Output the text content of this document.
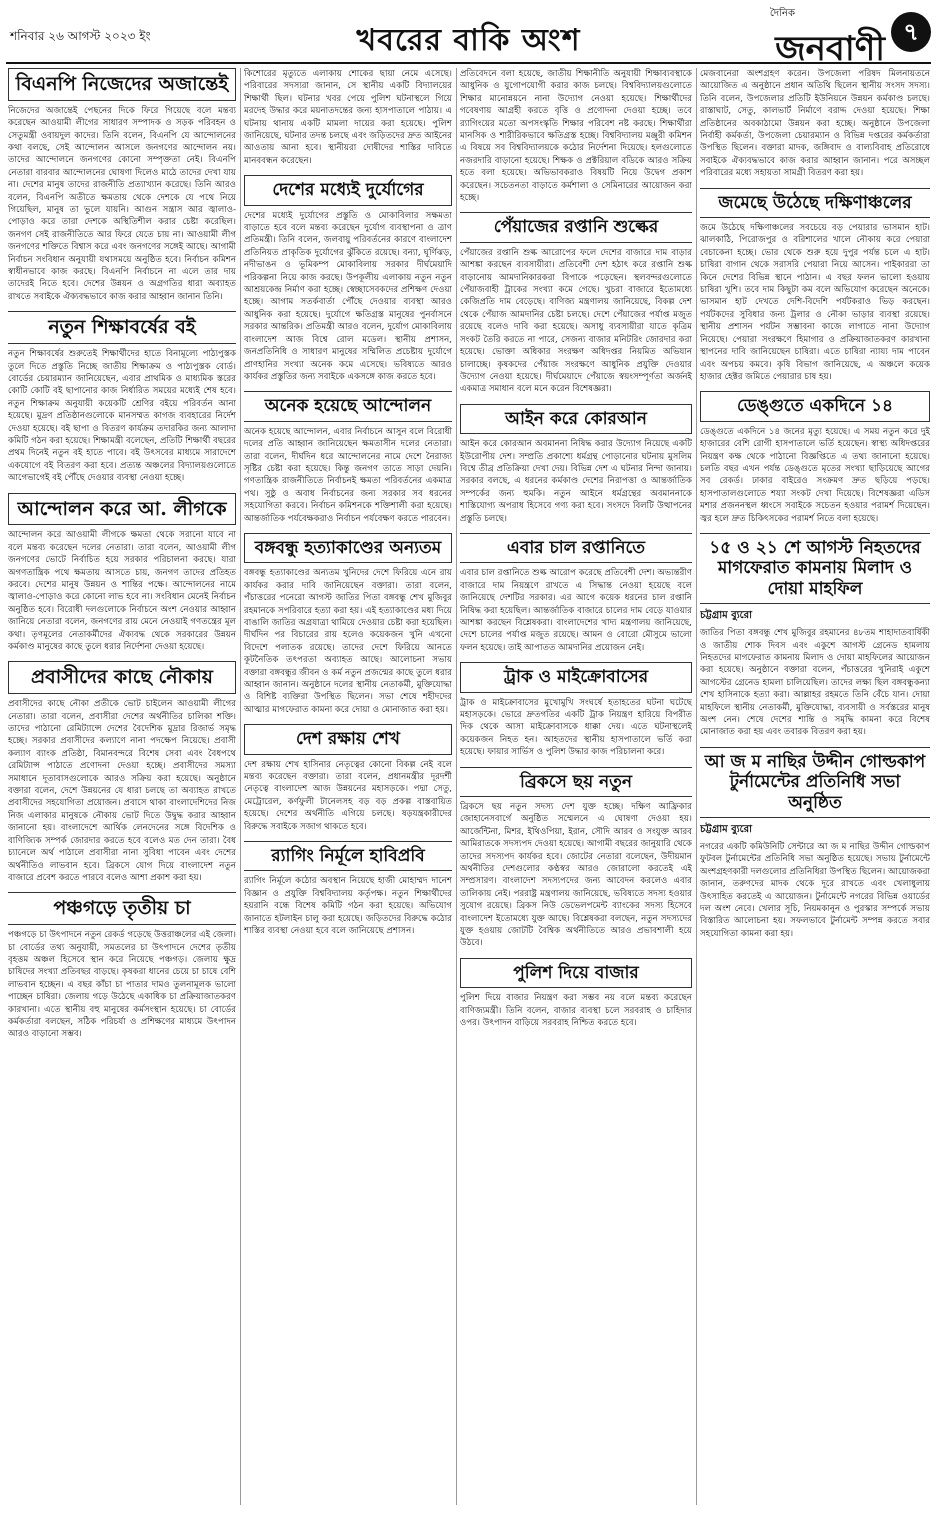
শনিবার ২৬ আগস্ট ২০২৩ ইং	খবরের বাকি অংশ
দৈনিক
জনবাণী ৭
বিএনপি নিজেদের অজান্তেই
নিজেদের অজান্তেই পেছনের দিকে ফিরে গিয়েছে বলে মন্তব্য করেছেন আওয়ামী লীগের সাধারণ সম্পাদক ও সড়ক পরিবহন ও সেতুমন্ত্রী ওবায়দুল কাদের। তিনি বলেন, বিএনপি যে আন্দোলনের কথা বলছে, সেই আন্দোলন আসলে জনগণের আন্দোলন নয়। তাদের আন্দোলনে জনগণের কোনো সম্পৃক্ততা নেই। বিএনপি নেতারা বারবার আন্দোলনের ঘোষণা দিলেও মাঠে তাদের দেখা যায় না। দেশের মানুষ তাদের রাজনীতি প্রত্যাখ্যান করেছে। তিনি আরও বলেন, বিএনপি অতীতে ক্ষমতায় থেকে দেশকে যে পথে নিয়ে গিয়েছিল, মানুষ তা ভুলে যায়নি। আগুন সন্ত্রাস আর জ্বালাও-পোড়াও করে তারা দেশকে অস্থিতিশীল করার চেষ্টা করেছিল। জনগণ সেই রাজনীতিতে আর ফিরে যেতে চায় না। আওয়ামী লীগ জনগণের শক্তিতে বিশ্বাস করে এবং জনগণের সঙ্গেই আছে। আগামী নির্বাচন সংবিধান অনুযায়ী যথাসময়ে অনুষ্ঠিত হবে। নির্বাচন কমিশন স্বাধীনভাবে কাজ করছে। বিএনপি নির্বাচনে না এলে তার দায় তাদেরই নিতে হবে। দেশের উন্নয়ন ও অগ্রগতির ধারা অব্যাহত রাখতে সবাইকে ঐক্যবদ্ধভাবে কাজ করার আহ্বান জানান তিনি।
নতুন শিক্ষাবর্ষের বই
নতুন শিক্ষাবর্ষের শুরুতেই শিক্ষার্থীদের হাতে বিনামূল্যে পাঠ্যপুস্তক তুলে দিতে প্রস্তুতি নিচ্ছে জাতীয় শিক্ষাক্রম ও পাঠ্যপুস্তক বোর্ড। বোর্ডের চেয়ারম্যান জানিয়েছেন, এবার প্রাথমিক ও মাধ্যমিক স্তরের কোটি কোটি বই ছাপানোর কাজ নির্ধারিত সময়ের মধ্যেই শেষ হবে। নতুন শিক্ষাক্রম অনুযায়ী কয়েকটি শ্রেণির বইয়ে পরিবর্তন আনা হয়েছে। মুদ্রণ প্রতিষ্ঠানগুলোকে মানসম্মত কাগজ ব্যবহারের নির্দেশ দেওয়া হয়েছে। বই ছাপা ও বিতরণ কার্যক্রম তদারকির জন্য আলাদা কমিটি গঠন করা হয়েছে। শিক্ষামন্ত্রী বলেছেন, প্রতিটি শিক্ষার্থী বছরের প্রথম দিনেই নতুন বই হাতে পাবে। বই উৎসবের মাধ্যমে সারাদেশে একযোগে বই বিতরণ করা হবে। প্রত্যন্ত অঞ্চলের বিদ্যালয়গুলোতে আগেভাগেই বই পৌঁছে দেওয়ার ব্যবস্থা নেওয়া হচ্ছে।
আন্দোলন করে আ. লীগকে
আন্দোলন করে আওয়ামী লীগকে ক্ষমতা থেকে সরানো যাবে না বলে মন্তব্য করেছেন দলের নেতারা। তারা বলেন, আওয়ামী লীগ জনগণের ভোটে নির্বাচিত হয়ে সরকার পরিচালনা করছে। যারা অগণতান্ত্রিক পথে ক্ষমতায় আসতে চায়, জনগণ তাদের প্রতিহত করবে। দেশের মানুষ উন্নয়ন ও শান্তির পক্ষে। আন্দোলনের নামে জ্বালাও-পোড়াও করে কোনো লাভ হবে না। সংবিধান মেনেই নির্বাচন অনুষ্ঠিত হবে। বিরোধী দলগুলোকে নির্বাচনে অংশ নেওয়ার আহ্বান জানিয়ে নেতারা বলেন, জনগণের রায় মেনে নেওয়াই গণতন্ত্রের মূল কথা। তৃণমূলের নেতাকর্মীদের ঐক্যবদ্ধ থেকে সরকারের উন্নয়ন কর্মকাণ্ড মানুষের কাছে তুলে ধরার নির্দেশনা দেওয়া হয়েছে।
প্রবাসীদের কাছে নৌকায়
প্রবাসীদের কাছে নৌকা প্রতীকে ভোট চাইলেন আওয়ামী লীগের নেতারা। তারা বলেন, প্রবাসীরা দেশের অর্থনীতির চালিকা শক্তি। তাদের পাঠানো রেমিট্যান্সে দেশের বৈদেশিক মুদ্রার রিজার্ভ সমৃদ্ধ হচ্ছে। সরকার প্রবাসীদের কল্যাণে নানা পদক্ষেপ নিয়েছে। প্রবাসী কল্যাণ ব্যাংক প্রতিষ্ঠা, বিমানবন্দরে বিশেষ সেবা এবং বৈধপথে রেমিট্যান্স পাঠাতে প্রণোদনা দেওয়া হচ্ছে। প্রবাসীদের সমস্যা সমাধানে দূতাবাসগুলোকে আরও সক্রিয় করা হয়েছে। অনুষ্ঠানে বক্তারা বলেন, দেশে উন্নয়নের যে ধারা চলছে তা অব্যাহত রাখতে প্রবাসীদের সহযোগিতা প্রয়োজন। প্রবাসে থাকা বাংলাদেশিদের নিজ নিজ এলাকার মানুষকে নৌকায় ভোট দিতে উদ্বুদ্ধ করার আহ্বান জানানো হয়। বাংলাদেশে আর্থিক লেনদেনের সঙ্গে বিদেশিক ও বাণিজ্যিক সম্পর্ক জোরদার করতে হবে বলেও মত দেন তারা। বৈধ চ্যানেলে অর্থ পাঠালে প্রবাসীরা নানা সুবিধা পাবেন এবং দেশের অর্থনীতিও লাভবান হবে। ব্রিকসে যোগ দিয়ে বাংলাদেশ নতুন বাজারে প্রবেশ করতে পারবে বলেও আশা প্রকাশ করা হয়।
পঞ্চগড়ে তৃতীয় চা
পঞ্চগড়ে চা উৎপাদনে নতুন রেকর্ড গড়েছে উত্তরাঞ্চলের এই জেলা। চা বোর্ডের তথ্য অনুযায়ী, সমতলের চা উৎপাদনে দেশের তৃতীয় বৃহত্তম অঞ্চল হিসেবে স্থান করে নিয়েছে পঞ্চগড়। জেলায় ক্ষুদ্র চাষিদের সংখ্যা প্রতিবছর বাড়ছে। কৃষকরা ধানের চেয়ে চা চাষে বেশি লাভবান হচ্ছেন। এ বছর কাঁচা চা পাতার দামও তুলনামূলক ভালো পাচ্ছেন চাষিরা। জেলায় গড়ে উঠেছে একাধিক চা প্রক্রিয়াজাতকরণ কারখানা। এতে স্থানীয় বহু মানুষের কর্মসংস্থান হয়েছে। চা বোর্ডের কর্মকর্তারা বলছেন, সঠিক পরিচর্যা ও প্রশিক্ষণের মাধ্যমে উৎপাদন আরও বাড়ানো সম্ভব।
কিশোরের মৃত্যুতে এলাকায় শোকের ছায়া নেমে এসেছে। পরিবারের সদস্যরা জানান, সে স্থানীয় একটি বিদ্যালয়ের শিক্ষার্থী ছিল। ঘটনার খবর পেয়ে পুলিশ ঘটনাস্থলে গিয়ে মরদেহ উদ্ধার করে ময়নাতদন্তের জন্য হাসপাতালে পাঠায়। এ ঘটনায় থানায় একটি মামলা দায়ের করা হয়েছে। পুলিশ জানিয়েছে, ঘটনার তদন্ত চলছে এবং জড়িতদের দ্রুত আইনের আওতায় আনা হবে। স্থানীয়রা দোষীদের শাস্তির দাবিতে মানববন্ধন করেছেন।
দেশের মধ্যেই দুর্যোগের
দেশের মধ্যেই দুর্যোগের প্রস্তুতি ও মোকাবিলার সক্ষমতা বাড়াতে হবে বলে মন্তব্য করেছেন দুর্যোগ ব্যবস্থাপনা ও ত্রাণ প্রতিমন্ত্রী। তিনি বলেন, জলবায়ু পরিবর্তনের কারণে বাংলাদেশ প্রতিনিয়ত প্রাকৃতিক দুর্যোগের ঝুঁকিতে রয়েছে। বন্যা, ঘূর্ণিঝড়, নদীভাঙন ও ভূমিকম্প মোকাবিলায় সরকার দীর্ঘমেয়াদি পরিকল্পনা নিয়ে কাজ করছে। উপকূলীয় এলাকায় নতুন নতুন আশ্রয়কেন্দ্র নির্মাণ করা হচ্ছে। স্বেচ্ছাসেবকদের প্রশিক্ষণ দেওয়া হচ্ছে। আগাম সতর্কবার্তা পৌঁছে দেওয়ার ব্যবস্থা আরও আধুনিক করা হয়েছে। দুর্যোগে ক্ষতিগ্রস্ত মানুষের পুনর্বাসনে সরকার আন্তরিক। প্রতিমন্ত্রী আরও বলেন, দুর্যোগ মোকাবিলায় বাংলাদেশ আজ বিশ্বে রোল মডেল। স্থানীয় প্রশাসন, জনপ্রতিনিধি ও সাধারণ মানুষের সম্মিলিত প্রচেষ্টায় দুর্যোগে প্রাণহানির সংখ্যা অনেক কমে এসেছে। ভবিষ্যতে আরও কার্যকর প্রস্তুতির জন্য সবাইকে একসঙ্গে কাজ করতে হবে।
অনেক হয়েছে আন্দোলন
অনেক হয়েছে আন্দোলন, এবার নির্বাচনে আসুন বলে বিরোধী দলের প্রতি আহ্বান জানিয়েছেন ক্ষমতাসীন দলের নেতারা। তারা বলেন, দীর্ঘদিন ধরে আন্দোলনের নামে দেশে নৈরাজ্য সৃষ্টির চেষ্টা করা হয়েছে। কিন্তু জনগণ তাতে সাড়া দেয়নি। গণতান্ত্রিক রাজনীতিতে নির্বাচনই ক্ষমতা পরিবর্তনের একমাত্র পথ। সুষ্ঠু ও অবাধ নির্বাচনের জন্য সরকার সব ধরনের সহযোগিতা করবে। নির্বাচন কমিশনকে শক্তিশালী করা হয়েছে। আন্তর্জাতিক পর্যবেক্ষকরাও নির্বাচন পর্যবেক্ষণ করতে পারবেন।
বঙ্গবন্ধু হত্যাকাণ্ডের অন্যতম
বঙ্গবন্ধু হত্যাকাণ্ডের অন্যতম খুনিদের দেশে ফিরিয়ে এনে রায় কার্যকর করার দাবি জানিয়েছেন বক্তারা। তারা বলেন, পঁচাত্তরের পনেরো আগস্ট জাতির পিতা বঙ্গবন্ধু শেখ মুজিবুর রহমানকে সপরিবারে হত্যা করা হয়। এই হত্যাকাণ্ডের মধ্য দিয়ে বাঙালি জাতির অগ্রযাত্রা থামিয়ে দেওয়ার চেষ্টা করা হয়েছিল। দীর্ঘদিন পর বিচারের রায় হলেও কয়েকজন খুনি এখনো বিদেশে পলাতক রয়েছে। তাদের দেশে ফিরিয়ে আনতে কূটনৈতিক তৎপরতা অব্যাহত আছে। আলোচনা সভায় বক্তারা বঙ্গবন্ধুর জীবন ও কর্ম নতুন প্রজন্মের কাছে তুলে ধরার আহ্বান জানান। অনুষ্ঠানে দলের স্থানীয় নেতাকর্মী, মুক্তিযোদ্ধা ও বিশিষ্ট ব্যক্তিরা উপস্থিত ছিলেন। সভা শেষে শহীদদের আত্মার মাগফেরাত কামনা করে দোয়া ও মোনাজাত করা হয়।
দেশ রক্ষায় শেখ
দেশ রক্ষায় শেখ হাসিনার নেতৃত্বের কোনো বিকল্প নেই বলে মন্তব্য করেছেন বক্তারা। তারা বলেন, প্রধানমন্ত্রীর দূরদর্শী নেতৃত্বে বাংলাদেশ আজ উন্নয়নের মহাসড়কে। পদ্মা সেতু, মেট্রোরেল, কর্ণফুলী টানেলসহ বড় বড় প্রকল্প বাস্তবায়িত হয়েছে। দেশের অর্থনীতি এগিয়ে চলছে। ষড়যন্ত্রকারীদের বিরুদ্ধে সবাইকে সজাগ থাকতে হবে।
র‍্যাগিং নির্মূলে হাবিপ্রবি
র‍্যাগিং নির্মূলে কঠোর অবস্থান নিয়েছে হাজী মোহাম্মদ দানেশ বিজ্ঞান ও প্রযুক্তি বিশ্ববিদ্যালয় কর্তৃপক্ষ। নতুন শিক্ষার্থীদের হয়রানি বন্ধে বিশেষ কমিটি গঠন করা হয়েছে। অভিযোগ জানাতে হটলাইন চালু করা হয়েছে। জড়িতদের বিরুদ্ধে কঠোর শাস্তির ব্যবস্থা নেওয়া হবে বলে জানিয়েছে প্রশাসন।
প্রতিবেদনে বলা হয়েছে, জাতীয় শিক্ষানীতি অনুযায়ী শিক্ষাব্যবস্থাকে আধুনিক ও যুগোপযোগী করার কাজ চলছে। বিশ্ববিদ্যালয়গুলোতে শিক্ষার মানোন্নয়নে নানা উদ্যোগ নেওয়া হয়েছে। শিক্ষার্থীদের গবেষণায় আগ্রহী করতে বৃত্তি ও প্রণোদনা দেওয়া হচ্ছে। তবে র‍্যাগিংয়ের মতো অপসংস্কৃতি শিক্ষার পরিবেশ নষ্ট করছে। শিক্ষার্থীরা মানসিক ও শারীরিকভাবে ক্ষতিগ্রস্ত হচ্ছে। বিশ্ববিদ্যালয় মঞ্জুরী কমিশন এ বিষয়ে সব বিশ্ববিদ্যালয়কে কঠোর নির্দেশনা দিয়েছে। হলগুলোতে নজরদারি বাড়ানো হয়েছে। শিক্ষক ও প্রক্টরিয়াল বডিকে আরও সক্রিয় হতে বলা হয়েছে। অভিভাবকরাও বিষয়টি নিয়ে উদ্বেগ প্রকাশ করেছেন। সচেতনতা বাড়াতে কর্মশালা ও সেমিনারের আয়োজন করা হচ্ছে।
পেঁয়াজের রপ্তানি শুল্কের
পেঁয়াজের রপ্তানি শুল্ক আরোপের ফলে দেশের বাজারে দাম বাড়ার আশঙ্কা করছেন ব্যবসায়ীরা। প্রতিবেশী দেশ হঠাৎ করে রপ্তানি শুল্ক বাড়ানোয় আমদানিকারকরা বিপাকে পড়েছেন। স্থলবন্দরগুলোতে পেঁয়াজবাহী ট্রাকের সংখ্যা কমে গেছে। খুচরা বাজারে ইতোমধ্যে কেজিপ্রতি দাম বেড়েছে। বাণিজ্য মন্ত্রণালয় জানিয়েছে, বিকল্প দেশ থেকে পেঁয়াজ আমদানির চেষ্টা চলছে। দেশে পেঁয়াজের পর্যাপ্ত মজুত রয়েছে বলেও দাবি করা হয়েছে। অসাধু ব্যবসায়ীরা যাতে কৃত্রিম সংকট তৈরি করতে না পারে, সেজন্য বাজার মনিটরিং জোরদার করা হয়েছে। ভোক্তা অধিকার সংরক্ষণ অধিদপ্তর নিয়মিত অভিযান চালাচ্ছে। কৃষকদের পেঁয়াজ সংরক্ষণে আধুনিক প্রযুক্তি দেওয়ার উদ্যোগ নেওয়া হয়েছে। দীর্ঘমেয়াদে পেঁয়াজে স্বয়ংসম্পূর্ণতা অর্জনই একমাত্র সমাধান বলে মনে করেন বিশেষজ্ঞরা।
আইন করে কোরআন
আইন করে কোরআন অবমাননা নিষিদ্ধ করার উদ্যোগ নিয়েছে একটি ইউরোপীয় দেশ। সম্প্রতি প্রকাশ্যে ধর্মগ্রন্থ পোড়ানোর ঘটনায় মুসলিম বিশ্বে তীব্র প্রতিক্রিয়া দেখা দেয়। বিভিন্ন দেশ এ ঘটনার নিন্দা জানায়। সরকার বলছে, এ ধরনের কর্মকাণ্ড দেশের নিরাপত্তা ও আন্তর্জাতিক সম্পর্কের জন্য হুমকি। নতুন আইনে ধর্মগ্রন্থের অবমাননাকে শাস্তিযোগ্য অপরাধ হিসেবে গণ্য করা হবে। সংসদে বিলটি উত্থাপনের প্রস্তুতি চলছে।
এবার চাল রপ্তানিতে
এবার চাল রপ্তানিতে শুল্ক আরোপ করেছে প্রতিবেশী দেশ। অভ্যন্তরীণ বাজারে দাম নিয়ন্ত্রণে রাখতে এ সিদ্ধান্ত নেওয়া হয়েছে বলে জানিয়েছে দেশটির সরকার। এর আগে কয়েক ধরনের চাল রপ্তানি নিষিদ্ধ করা হয়েছিল। আন্তর্জাতিক বাজারে চালের দাম বেড়ে যাওয়ার আশঙ্কা করছেন বিশ্লেষকরা। বাংলাদেশের খাদ্য মন্ত্রণালয় জানিয়েছে, দেশে চালের পর্যাপ্ত মজুত রয়েছে। আমন ও বোরো মৌসুমে ভালো ফলন হয়েছে। তাই আপাতত আমদানির প্রয়োজন নেই।
ট্রাক ও মাইক্রোবাসের
ট্রাক ও মাইক্রোবাসের মুখোমুখি সংঘর্ষে হতাহতের ঘটনা ঘটেছে মহাসড়কে। ভোরে দ্রুতগতির একটি ট্রাক নিয়ন্ত্রণ হারিয়ে বিপরীত দিক থেকে আসা মাইক্রোবাসকে ধাক্কা দেয়। এতে ঘটনাস্থলেই কয়েকজন নিহত হন। আহতদের স্থানীয় হাসপাতালে ভর্তি করা হয়েছে। ফায়ার সার্ভিস ও পুলিশ উদ্ধার কাজ পরিচালনা করে।
ব্রিকসে ছয় নতুন
ব্রিকসে ছয় নতুন সদস্য দেশ যুক্ত হচ্ছে। দক্ষিণ আফ্রিকার জোহানেসবার্গে অনুষ্ঠিত সম্মেলনে এ ঘোষণা দেওয়া হয়। আর্জেন্টিনা, মিশর, ইথিওপিয়া, ইরান, সৌদি আরব ও সংযুক্ত আরব আমিরাতকে সদস্যপদ দেওয়া হয়েছে। আগামী বছরের জানুয়ারি থেকে তাদের সদস্যপদ কার্যকর হবে। জোটের নেতারা বলেছেন, উদীয়মান অর্থনীতির দেশগুলোর কণ্ঠস্বর আরও জোরালো করতেই এই সম্প্রসারণ। বাংলাদেশ সদস্যপদের জন্য আবেদন করলেও এবার তালিকায় নেই। পররাষ্ট্র মন্ত্রণালয় জানিয়েছে, ভবিষ্যতে সদস্য হওয়ার সুযোগ রয়েছে। ব্রিকস নিউ ডেভেলপমেন্ট ব্যাংকের সদস্য হিসেবে বাংলাদেশ ইতোমধ্যে যুক্ত আছে। বিশ্লেষকরা বলছেন, নতুন সদস্যদের যুক্ত হওয়ায় জোটটি বৈশ্বিক অর্থনীতিতে আরও প্রভাবশালী হয়ে উঠবে।
পুলিশ দিয়ে বাজার
পুলিশ দিয়ে বাজার নিয়ন্ত্রণ করা সম্ভব নয় বলে মন্তব্য করেছেন বাণিজ্যমন্ত্রী। তিনি বলেন, বাজার ব্যবস্থা চলে সরবরাহ ও চাহিদার ওপর। উৎপাদন বাড়িয়ে সরবরাহ নিশ্চিত করতে হবে।
মেজবানেরা অংশগ্রহণ করেন। উপজেলা পরিষদ মিলনায়তনে আয়োজিত এ অনুষ্ঠানে প্রধান অতিথি ছিলেন স্থানীয় সংসদ সদস্য। তিনি বলেন, উপজেলার প্রতিটি ইউনিয়নে উন্নয়ন কর্মকাণ্ড চলছে। রাস্তাঘাট, সেতু, কালভার্ট নির্মাণে বরাদ্দ দেওয়া হয়েছে। শিক্ষা প্রতিষ্ঠানের অবকাঠামো উন্নয়ন করা হচ্ছে। অনুষ্ঠানে উপজেলা নির্বাহী কর্মকর্তা, উপজেলা চেয়ারম্যান ও বিভিন্ন দপ্তরের কর্মকর্তারা উপস্থিত ছিলেন। বক্তারা মাদক, জঙ্গিবাদ ও বাল্যবিবাহ প্রতিরোধে সবাইকে ঐক্যবদ্ধভাবে কাজ করার আহ্বান জানান। পরে অসচ্ছল পরিবারের মধ্যে সহায়তা সামগ্রী বিতরণ করা হয়।
জমেছে উঠেছে দক্ষিণাঞ্চলের
জমে উঠেছে দক্ষিণাঞ্চলের সবচেয়ে বড় পেয়ারার ভাসমান হাট। ঝালকাঠি, পিরোজপুর ও বরিশালের খালে নৌকায় করে পেয়ারা বেচাকেনা হচ্ছে। ভোর থেকে শুরু হয়ে দুপুর পর্যন্ত চলে এ হাট। চাষিরা বাগান থেকে সরাসরি পেয়ারা নিয়ে আসেন। পাইকাররা তা কিনে দেশের বিভিন্ন স্থানে পাঠান। এ বছর ফলন ভালো হওয়ায় চাষিরা খুশি। তবে দাম কিছুটা কম বলে অভিযোগ করেছেন অনেকে। ভাসমান হাট দেখতে দেশি-বিদেশি পর্যটকরাও ভিড় করছেন। পর্যটকদের সুবিধার জন্য ট্রলার ও নৌকা ভাড়ার ব্যবস্থা রয়েছে। স্থানীয় প্রশাসন পর্যটন সম্ভাবনা কাজে লাগাতে নানা উদ্যোগ নিয়েছে। পেয়ারা সংরক্ষণে হিমাগার ও প্রক্রিয়াজাতকরণ কারখানা স্থাপনের দাবি জানিয়েছেন চাষিরা। এতে চাষিরা ন্যায্য দাম পাবেন এবং অপচয় কমবে। কৃষি বিভাগ জানিয়েছে, এ অঞ্চলে কয়েক হাজার হেক্টর জমিতে পেয়ারার চাষ হয়।
ডেঙ্গুতে একদিনে ১৪
ডেঙ্গুতে একদিনে ১৪ জনের মৃত্যু হয়েছে। এ সময় নতুন করে দুই হাজারের বেশি রোগী হাসপাতালে ভর্তি হয়েছেন। স্বাস্থ্য অধিদপ্তরের নিয়ন্ত্রণ কক্ষ থেকে পাঠানো বিজ্ঞপ্তিতে এ তথ্য জানানো হয়েছে। চলতি বছর এখন পর্যন্ত ডেঙ্গুতে মৃতের সংখ্যা ছাড়িয়েছে আগের সব রেকর্ড। ঢাকার বাইরেও সংক্রমণ দ্রুত ছড়িয়ে পড়ছে। হাসপাতালগুলোতে শয্যা সংকট দেখা দিয়েছে। বিশেষজ্ঞরা এডিস মশার প্রজননস্থল ধ্বংসে সবাইকে সচেতন হওয়ার পরামর্শ দিয়েছেন। জ্বর হলে দ্রুত চিকিৎসকের পরামর্শ নিতে বলা হয়েছে।
১৫ ও ২১ শে আগস্ট নিহতদের মাগফেরাত কামনায় মিলাদ ও দোয়া মাহফিল
চট্টগ্রাম ব্যুরো
জাতির পিতা বঙ্গবন্ধু শেখ মুজিবুর রহমানের ৪৮তম শাহাদাতবার্ষিকী ও জাতীয় শোক দিবস এবং একুশে আগস্ট গ্রেনেড হামলায় নিহতদের মাগফেরাত কামনায় মিলাদ ও দোয়া মাহফিলের আয়োজন করা হয়েছে। অনুষ্ঠানে বক্তারা বলেন, পঁচাত্তরের খুনিরাই একুশে আগস্টের গ্রেনেড হামলা চালিয়েছিল। তাদের লক্ষ্য ছিল বঙ্গবন্ধুকন্যা শেখ হাসিনাকে হত্যা করা। আল্লাহর রহমতে তিনি বেঁচে যান। দোয়া মাহফিলে স্থানীয় নেতাকর্মী, মুক্তিযোদ্ধা, ব্যবসায়ী ও সর্বস্তরের মানুষ অংশ নেন। শেষে দেশের শান্তি ও সমৃদ্ধি কামনা করে বিশেষ মোনাজাত করা হয় এবং তবারক বিতরণ করা হয়।
আ জ ম নাছির উদ্দীন গোল্ডকাপ টুর্নামেন্টের প্রতিনিধি সভা অনুষ্ঠিত
চট্টগ্রাম ব্যুরো
নগরের একটি কমিউনিটি সেন্টারে আ জ ম নাছির উদ্দীন গোল্ডকাপ ফুটবল টুর্নামেন্টের প্রতিনিধি সভা অনুষ্ঠিত হয়েছে। সভায় টুর্নামেন্টে অংশগ্রহণকারী দলগুলোর প্রতিনিধিরা উপস্থিত ছিলেন। আয়োজকরা জানান, তরুণদের মাদক থেকে দূরে রাখতে এবং খেলাধুলায় উৎসাহিত করতেই এ আয়োজন। টুর্নামেন্টে নগরের বিভিন্ন ওয়ার্ডের দল অংশ নেবে। খেলার সূচি, নিয়মকানুন ও পুরস্কার সম্পর্কে সভায় বিস্তারিত আলোচনা হয়। সফলভাবে টুর্নামেন্ট সম্পন্ন করতে সবার সহযোগিতা কামনা করা হয়।
